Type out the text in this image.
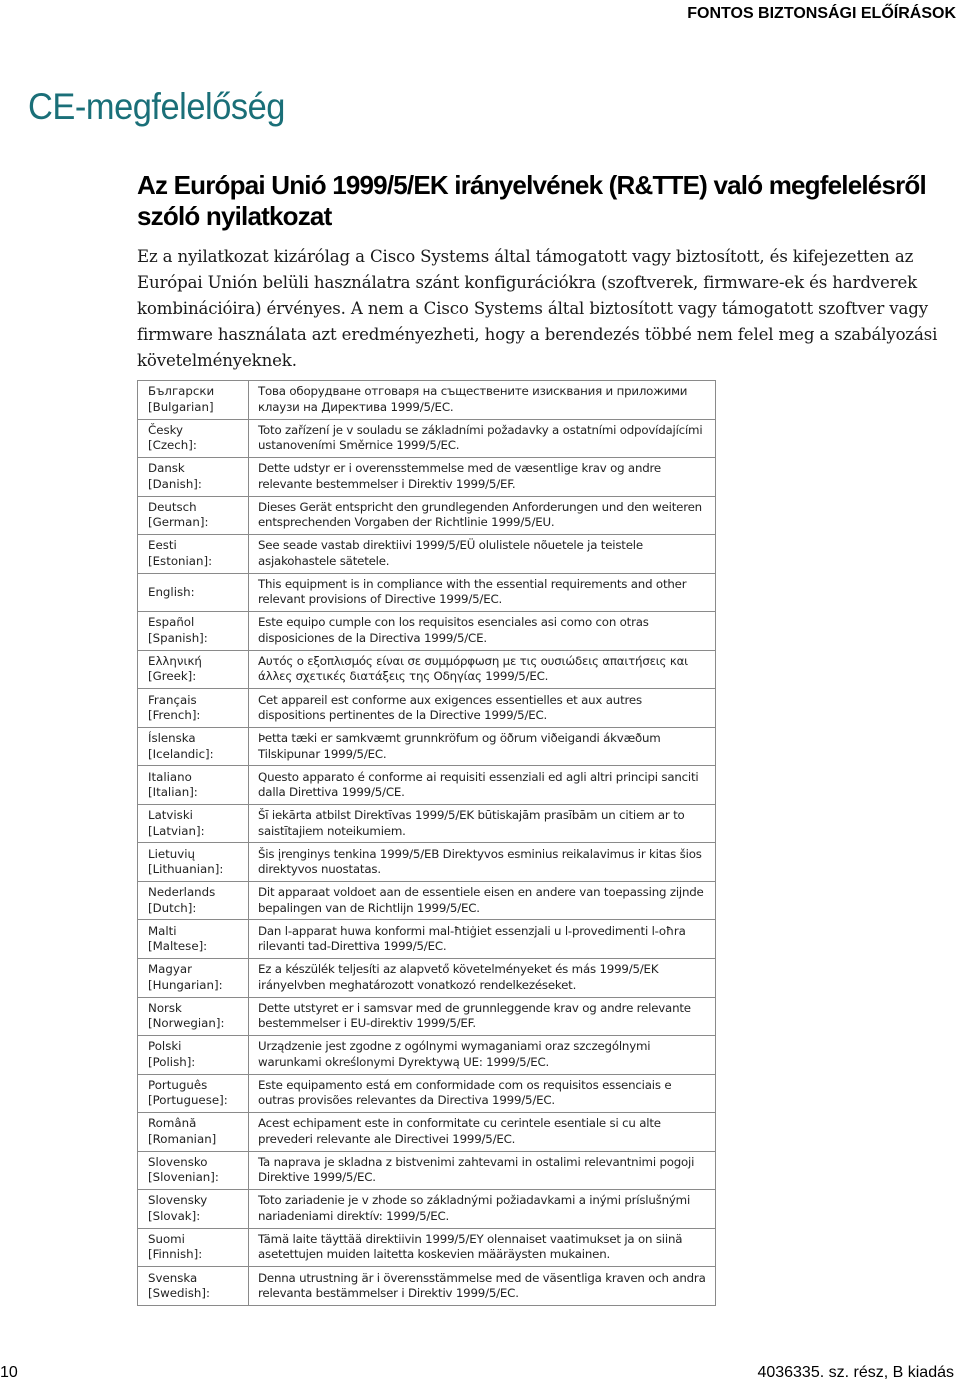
FONTOS BIZTONSÁGI ELŐÍRÁSOK
CE-megfelelőség
Az Európai Unió 1999/5/EK irányelvének (R&TTE) való megfelelésről szóló nyilatkozat

Ez a nyilatkozat kizárólag a Cisco Systems által támogatott vagy biztosított, és kifejezetten az Európai Unión belüli használatra szánt konfigurációkra (szoftverek, firmware-ek és hardverek kombinációira) érvényes. A nem a Cisco Systems által biztosított vagy támogatott szoftver vagy firmware használata azt eredményezheti, hogy a berendezés többé nem felel meg a szabályozási követelményeknek.

Български
[Bulgarian]	Това оборудване отговаря на съществените изисквания и приложими клаузи на Директива 1999/5/ЕС.

Česky
[Czech]:	Toto zařízení je v souladu se základními požadavky a ostatními odpovídajícími ustanoveními Směrnice 1999/5/EC.

Dansk
[Danish]:	Dette udstyr er i overensstemmelse med de væsentlige krav og andre relevante bestemmelser i Direktiv 1999/5/EF.

Deutsch
[German]:	Dieses Gerät entspricht den grundlegenden Anforderungen und den weiteren entsprechenden Vorgaben der Richtlinie 1999/5/EU.

Eesti
[Estonian]:	See seade vastab direktiivi 1999/5/EÜ olulistele nõuetele ja teistele asjakohastele sätetele.

English:	This equipment is in compliance with the essential requirements and other relevant provisions of Directive 1999/5/EC.

Español
[Spanish]:	Este equipo cumple con los requisitos esenciales asi como con otras disposiciones de la Directiva 1999/5/CE.

Ελληνική
[Greek]:	Αυτός ο εξοπλισμός είναι σε συμμόρφωση με τις ουσιώδεις απαιτήσεις και άλλες σχετικές διατάξεις της Οδηγίας 1999/5/EC.

Français
[French]:	Cet appareil est conforme aux exigences essentielles et aux autres dispositions pertinentes de la Directive 1999/5/EC.

Íslenska
[Icelandic]:	Þetta tæki er samkvæmt grunnkröfum og öðrum viðeigandi ákvæðum Tilskipunar 1999/5/EC.

Italiano
[Italian]:	Questo apparato é conforme ai requisiti essenziali ed agli altri principi sanciti dalla Direttiva 1999/5/CE.

Latviski
[Latvian]:	Šī iekārta atbilst Direktīvas 1999/5/EK būtiskajām prasībām un citiem ar to saistītajiem noteikumiem.

Lietuvių
[Lithuanian]:	Šis įrenginys tenkina 1999/5/EB Direktyvos esminius reikalavimus ir kitas šios direktyvos nuostatas.

Nederlands
[Dutch]:	Dit apparaat voldoet aan de essentiele eisen en andere van toepassing zijnde bepalingen van de Richtlijn 1999/5/EC.

Malti
[Maltese]:	Dan l-apparat huwa konformi mal-ħtiġiet essenzjali u l-provedimenti l-oħra rilevanti tad-Direttiva 1999/5/EC.

Magyar
[Hungarian]:	Ez a készülék teljesíti az alapvető követelményeket és más 1999/5/EK irányelvben meghatározott vonatkozó rendelkezéseket.

Norsk
[Norwegian]:	Dette utstyret er i samsvar med de grunnleggende krav og andre relevante bestemmelser i EU-direktiv 1999/5/EF.

Polski
[Polish]:	Urządzenie jest zgodne z ogólnymi wymaganiami oraz szczególnymi warunkami określonymi Dyrektywą UE: 1999/5/EC.

Português
[Portuguese]:	Este equipamento está em conformidade com os requisitos essenciais e outras provisões relevantes da Directiva 1999/5/EC.

Română
[Romanian]	Acest echipament este in conformitate cu cerintele esentiale si cu alte prevederi relevante ale Directivei 1999/5/EC.

Slovensko
[Slovenian]:	Ta naprava je skladna z bistvenimi zahtevami in ostalimi relevantnimi pogoji Direktive 1999/5/EC.

Slovensky
[Slovak]:	Toto zariadenie je v zhode so základnými požiadavkami a inými príslušnými nariadeniami direktív: 1999/5/EC.

Suomi
[Finnish]:	Tämä laite täyttää direktiivin 1999/5/EY olennaiset vaatimukset ja on siinä asetettujen muiden laitetta koskevien määräysten mukainen.

Svenska
[Swedish]:	Denna utrustning är i överensstämmelse med de väsentliga kraven och andra relevanta bestämmelser i Direktiv 1999/5/EC.
10	4036335. sz. rész, B kiadás
